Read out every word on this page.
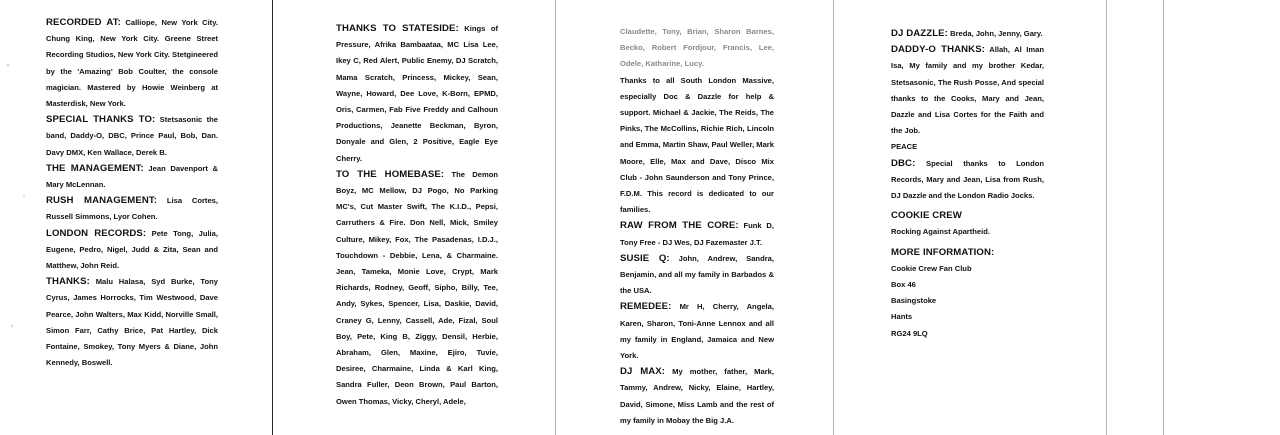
RECORDED AT: Calliope, New York City. Chung King, New York City. Greene Street Recording Studios, New York City. Stetgineered by the 'Amazing' Bob Coulter, the console magician. Mastered by Howie Weinberg at Masterdisk, New York.

SPECIAL THANKS TO: Stetsasonic the band, Daddy-O, DBC, Prince Paul, Bob, Dan. Davy DMX, Ken Wallace, Derek B.

THE MANAGEMENT: Jean Davenport & Mary McLennan.

RUSH MANAGEMENT: Lisa Cortes, Russell Simmons, Lyor Cohen.

LONDON RECORDS: Pete Tong, Julia, Eugene, Pedro, Nigel, Judd & Zita, Sean and Matthew, John Reid.

THANKS: Malu Halasa, Syd Burke, Tony Cyrus, James Horrocks, Tim Westwood, Dave Pearce, John Walters, Max Kidd, Norville Small, Simon Farr, Cathy Brice, Pat Hartley, Dick Fontaine, Smokey, Tony Myers & Diane, John Kennedy, Boswell.

THANKS TO STATESIDE: Kings of Pressure, Afrika Bambaataa, MC Lisa Lee, Ikey C, Red Alert, Public Enemy, DJ Scratch, Mama Scratch, Princess, Mickey, Sean, Wayne, Howard, Dee Love, K-Born, EPMD, Oris, Carmen, Fab Five Freddy and Calhoun Productions, Jeanette Beckman, Byron, Donyale and Glen, 2 Positive, Eagle Eye Cherry.

TO THE HOMEBASE: The Demon Boyz, MC Mellow, DJ Pogo, No Parking MC's, Cut Master Swift, The K.I.D., Pepsi, Carruthers & Fire. Don Nell, Mick, Smiley Culture, Mikey, Fox, The Pasadenas, I.D.J., Touchdown - Debbie, Lena, & Charmaine. Jean, Tameka, Monie Love, Crypt, Mark Richards, Rodney, Geoff, Sipho, Billy, Tee, Andy, Sykes, Spencer, Lisa, Daskie, David, Craney G, Lenny, Cassell, Ade, Fizal, Soul Boy, Pete, King B, Ziggy, Densil, Herbie, Abraham, Glen, Maxine, Ejiro, Tuvie, Desiree, Charmaine, Linda & Karl King, Sandra Fuller, Deon Brown, Paul Barton, Owen Thomas, Vicky, Cheryl, Adele,

Claudette, Tony, Brian, Sharon Barnes, Becko, Robert Fordjour, Francis, Lee, Odele, Katharine, Lucy.

Thanks to all South London Massive, especially Doc & Dazzle for help & support. Michael & Jackie, The Reids, The Pinks, The McCollins, Richie Rich, Lincoln and Emma, Martin Shaw, Paul Weller, Mark Moore, Elle, Max and Dave, Disco Mix Club - John Saunderson and Tony Prince, F.D.M. This record is dedicated to our families.

RAW FROM THE CORE: Funk D, Tony Free - DJ Wes, DJ Fazemaster J.T.

SUSIE Q: John, Andrew, Sandra, Benjamin, and all my family in Barbados & the USA.

REMEDEE: Mr H, Cherry, Angela, Karen, Sharon, Toni-Anne Lennox and all my family in England, Jamaica and New York.

DJ MAX: My mother, father, Mark, Tammy, Andrew, Nicky, Elaine, Hartley, David, Simone, Miss Lamb and the rest of my family in Mobay the Big J.A.

DJ DAZZLE: Breda, John, Jenny, Gary.

DADDY-O THANKS: Allah, Al Iman Isa, My family and my brother Kedar, Stetsasonic, The Rush Posse, And special thanks to the Cooks, Mary and Jean, Dazzle and Lisa Cortes for the Faith and the Job.

PEACE

DBC: Special thanks to London Records, Mary and Jean, Lisa from Rush, DJ Dazzle and the London Radio Jocks.

COOKIE CREW

Rocking Against Apartheid.

MORE INFORMATION:

Cookie Crew Fan Club

Box 46

Basingstoke

Hants

RG24 9LQ
